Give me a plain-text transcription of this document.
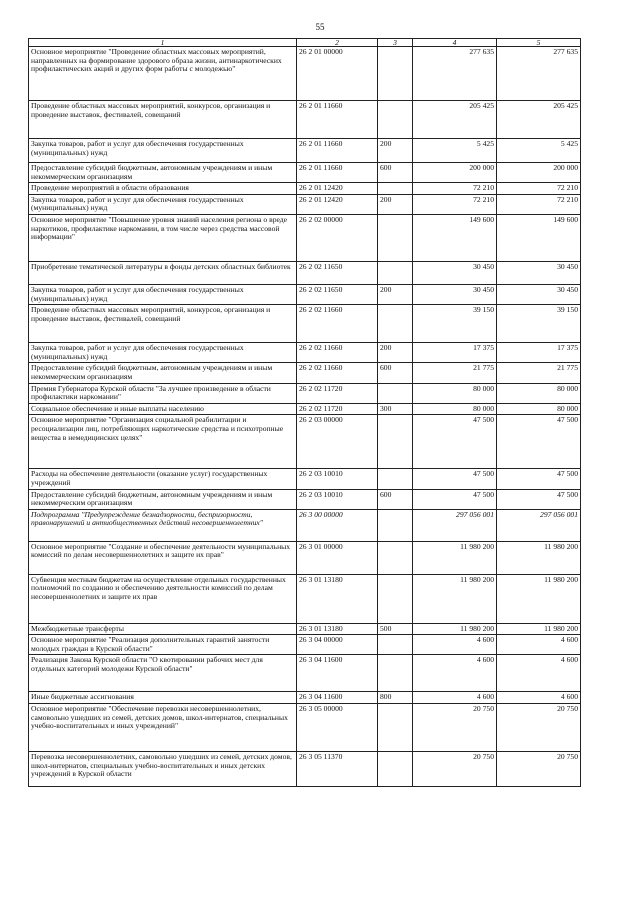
55
1	2	3	4	5
Основное мероприятие "Проведение областных массовых мероприятий, направленных на формирование здорового образа жизни, антинаркотических профилактических акций и других форм работы с молодежью"	26 2 01 00000		277 635	277 635
Проведение областных массовых мероприятий, конкурсов, организация и проведение выставок, фестивалей, совещаний	26 2 01 11660		205 425	205 425
Закупка товаров, работ и услуг для обеспечения государственных (муниципальных) нужд	26 2 01 11660	200	5 425	5 425
Предоставление субсидий бюджетным, автономным учреждениям и иным некоммерческим организациям	26 2 01 11660	600	200 000	200 000
Проведение мероприятий в области образования	26 2 01 12420		72 210	72 210
Закупка товаров, работ и услуг для обеспечения государственных (муниципальных) нужд	26 2 01 12420	200	72 210	72 210
Основное мероприятие "Повышение уровня знаний населения региона о вреде наркотиков, профилактике наркомании, в том числе через средства массовой информации"	26 2 02 00000		149 600	149 600
Приобретение тематической литературы в фонды детских областных библиотек	26 2 02 11650		30 450	30 450
Закупка товаров, работ и услуг для обеспечения государственных (муниципальных) нужд	26 2 02 11650	200	30 450	30 450
Проведение областных массовых мероприятий, конкурсов, организация и проведение выставок, фестивалей, совещаний	26 2 02 11660		39 150	39 150
Закупка товаров, работ и услуг для обеспечения государственных (муниципальных) нужд	26 2 02 11660	200	17 375	17 375
Предоставление субсидий бюджетным, автономным учреждениям и иным некоммерческим организациям	26 2 02 11660	600	21 775	21 775
Премия Губернатора Курской области "За лучшее произведение в области профилактики наркомании"	26 2 02 11720		80 000	80 000
Социальное обеспечение и иные выплаты населению	26 2 02 11720	300	80 000	80 000
Основное мероприятие "Организация социальной реабилитации и ресоциализации лиц, потребляющих наркотические средства и психотропные вещества в немедицинских целях"	26 2 03 00000		47 500	47 500
Расходы на обеспечение деятельности (оказание услуг) государственных учреждений	26 2 03 10010		47 500	47 500
Предоставление субсидий бюджетным, автономным учреждениям и иным некоммерческим организациям	26 2 03 10010	600	47 500	47 500
Подпрограмма "Предупреждение безнадзорности, беспризорности, правонарушений и антиобщественных действий несовершеннолетних"	26 3 00 00000		297 056 001	297 056 001
Основное мероприятие "Создание и обеспечение деятельности муниципальных комиссий по делам несовершеннолетних и защите их прав"	26 3 01 00000		11 980 200	11 980 200
Субвенция местным бюджетам на осуществление отдельных государственных полномочий по созданию и обеспечению деятельности комиссий по делам несовершеннолетних и защите их прав	26 3 01 13180		11 980 200	11 980 200
Межбюджетные трансферты	26 3 01 13180	500	11 980 200	11 980 200
Основное мероприятие "Реализация дополнительных гарантий занятости молодых граждан в Курской области"	26 3 04 00000		4 600	4 600
Реализация Закона Курской области "О квотировании рабочих мест для отдельных категорий молодежи Курской области"	26 3 04 11600		4 600	4 600
Иные бюджетные ассигнования	26 3 04 11600	800	4 600	4 600
Основное мероприятие "Обеспечение перевозки несовершеннолетних, самовольно ушедших из семей, детских домов, школ-интернатов, специальных учебно-воспитательных и иных учреждений"	26 3 05 00000		20 750	20 750
Перевозка несовершеннолетних, самовольно ушедших из семей, детских домов, школ-интернатов, специальных учебно-воспитательных и иных детских учреждений в Курской области	26 3 05 11370		20 750	20 750
